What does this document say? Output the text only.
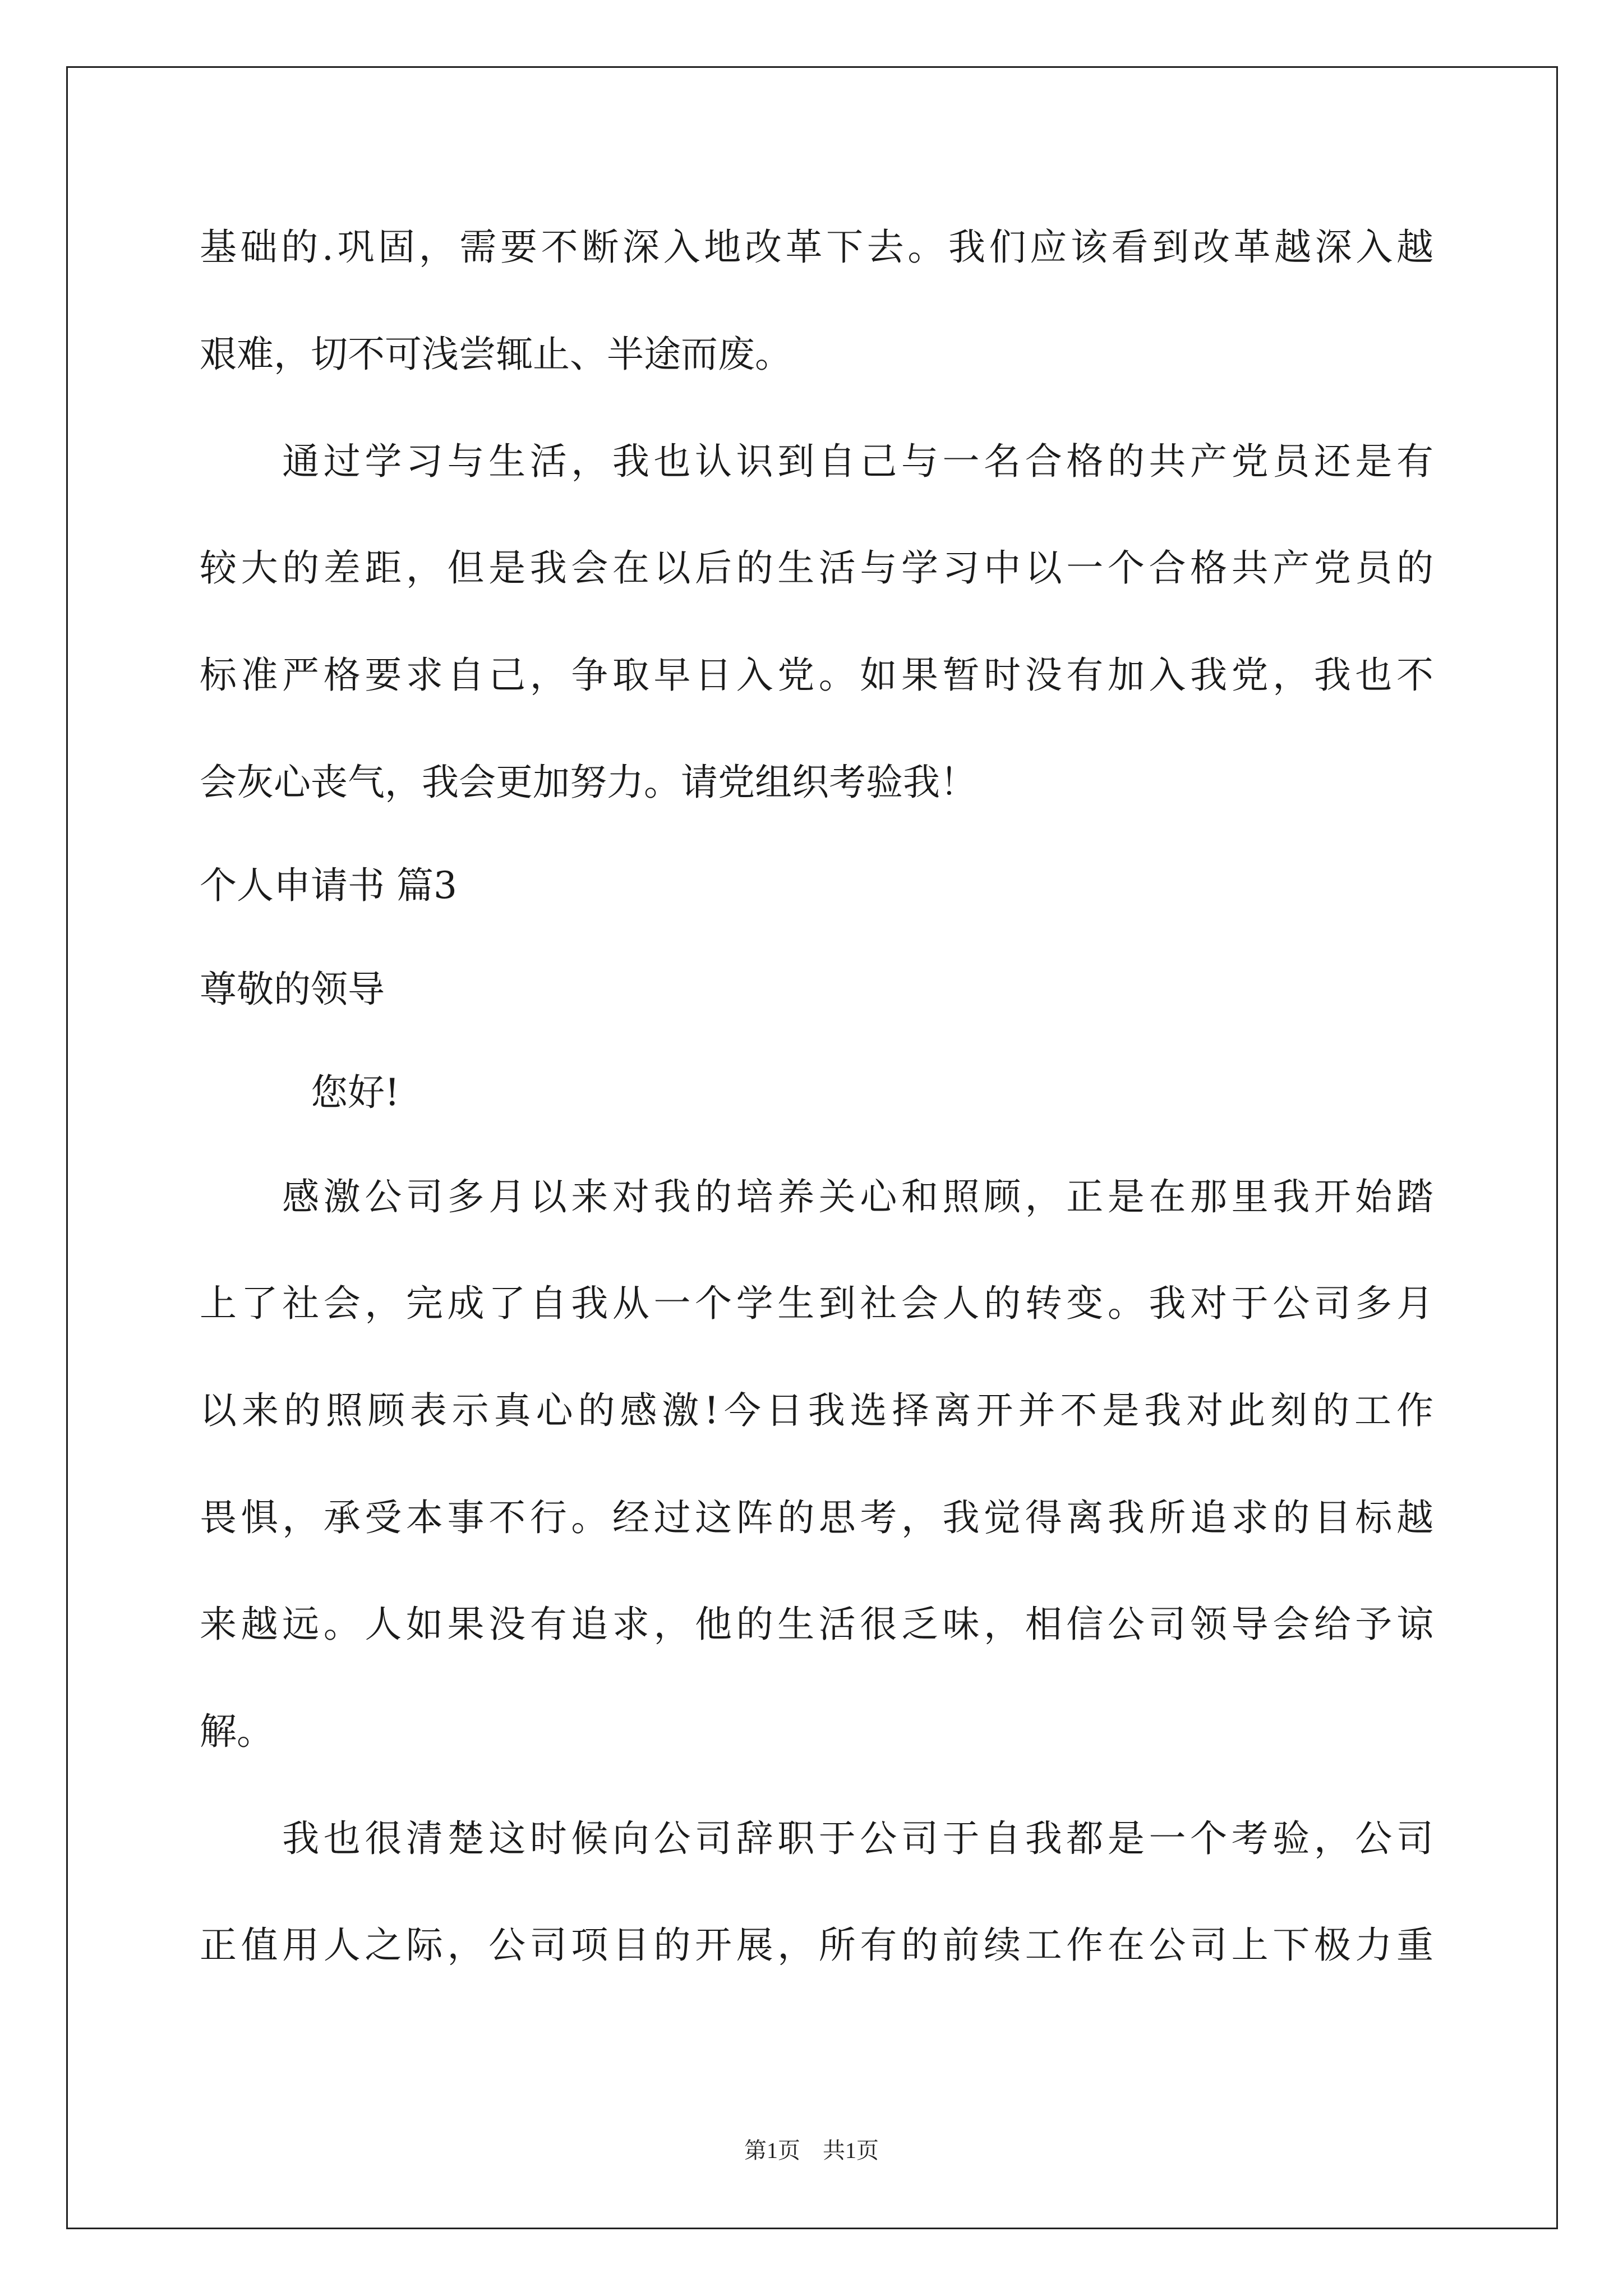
基础的.巩固，需要不断深入地改革下去。我们应该看到改革越深入越
艰难，切不可浅尝辄止、半途而废。
　　通过学习与生活，我也认识到自己与一名合格的共产党员还是有
较大的差距，但是我会在以后的生活与学习中以一个合格共产党员的
标准严格要求自己，争取早日入党。如果暂时没有加入我党，我也不
会灰心丧气，我会更加努力。请党组织考验我！
个人申请书 篇3
尊敬的领导
　　　您好!
　　感激公司多月以来对我的培养关心和照顾，正是在那里我开始踏
上了社会，完成了自我从一个学生到社会人的转变。我对于公司多月
以来的照顾表示真心的感激!今日我选择离开并不是我对此刻的工作
畏惧，承受本事不行。经过这阵的思考，我觉得离我所追求的目标越
来越远。人如果没有追求，他的生活很乏味，相信公司领导会给予谅
解。
　　我也很清楚这时候向公司辞职于公司于自我都是一个考验，公司
正值用人之际，公司项目的开展，所有的前续工作在公司上下极力重
第1页　共1页
